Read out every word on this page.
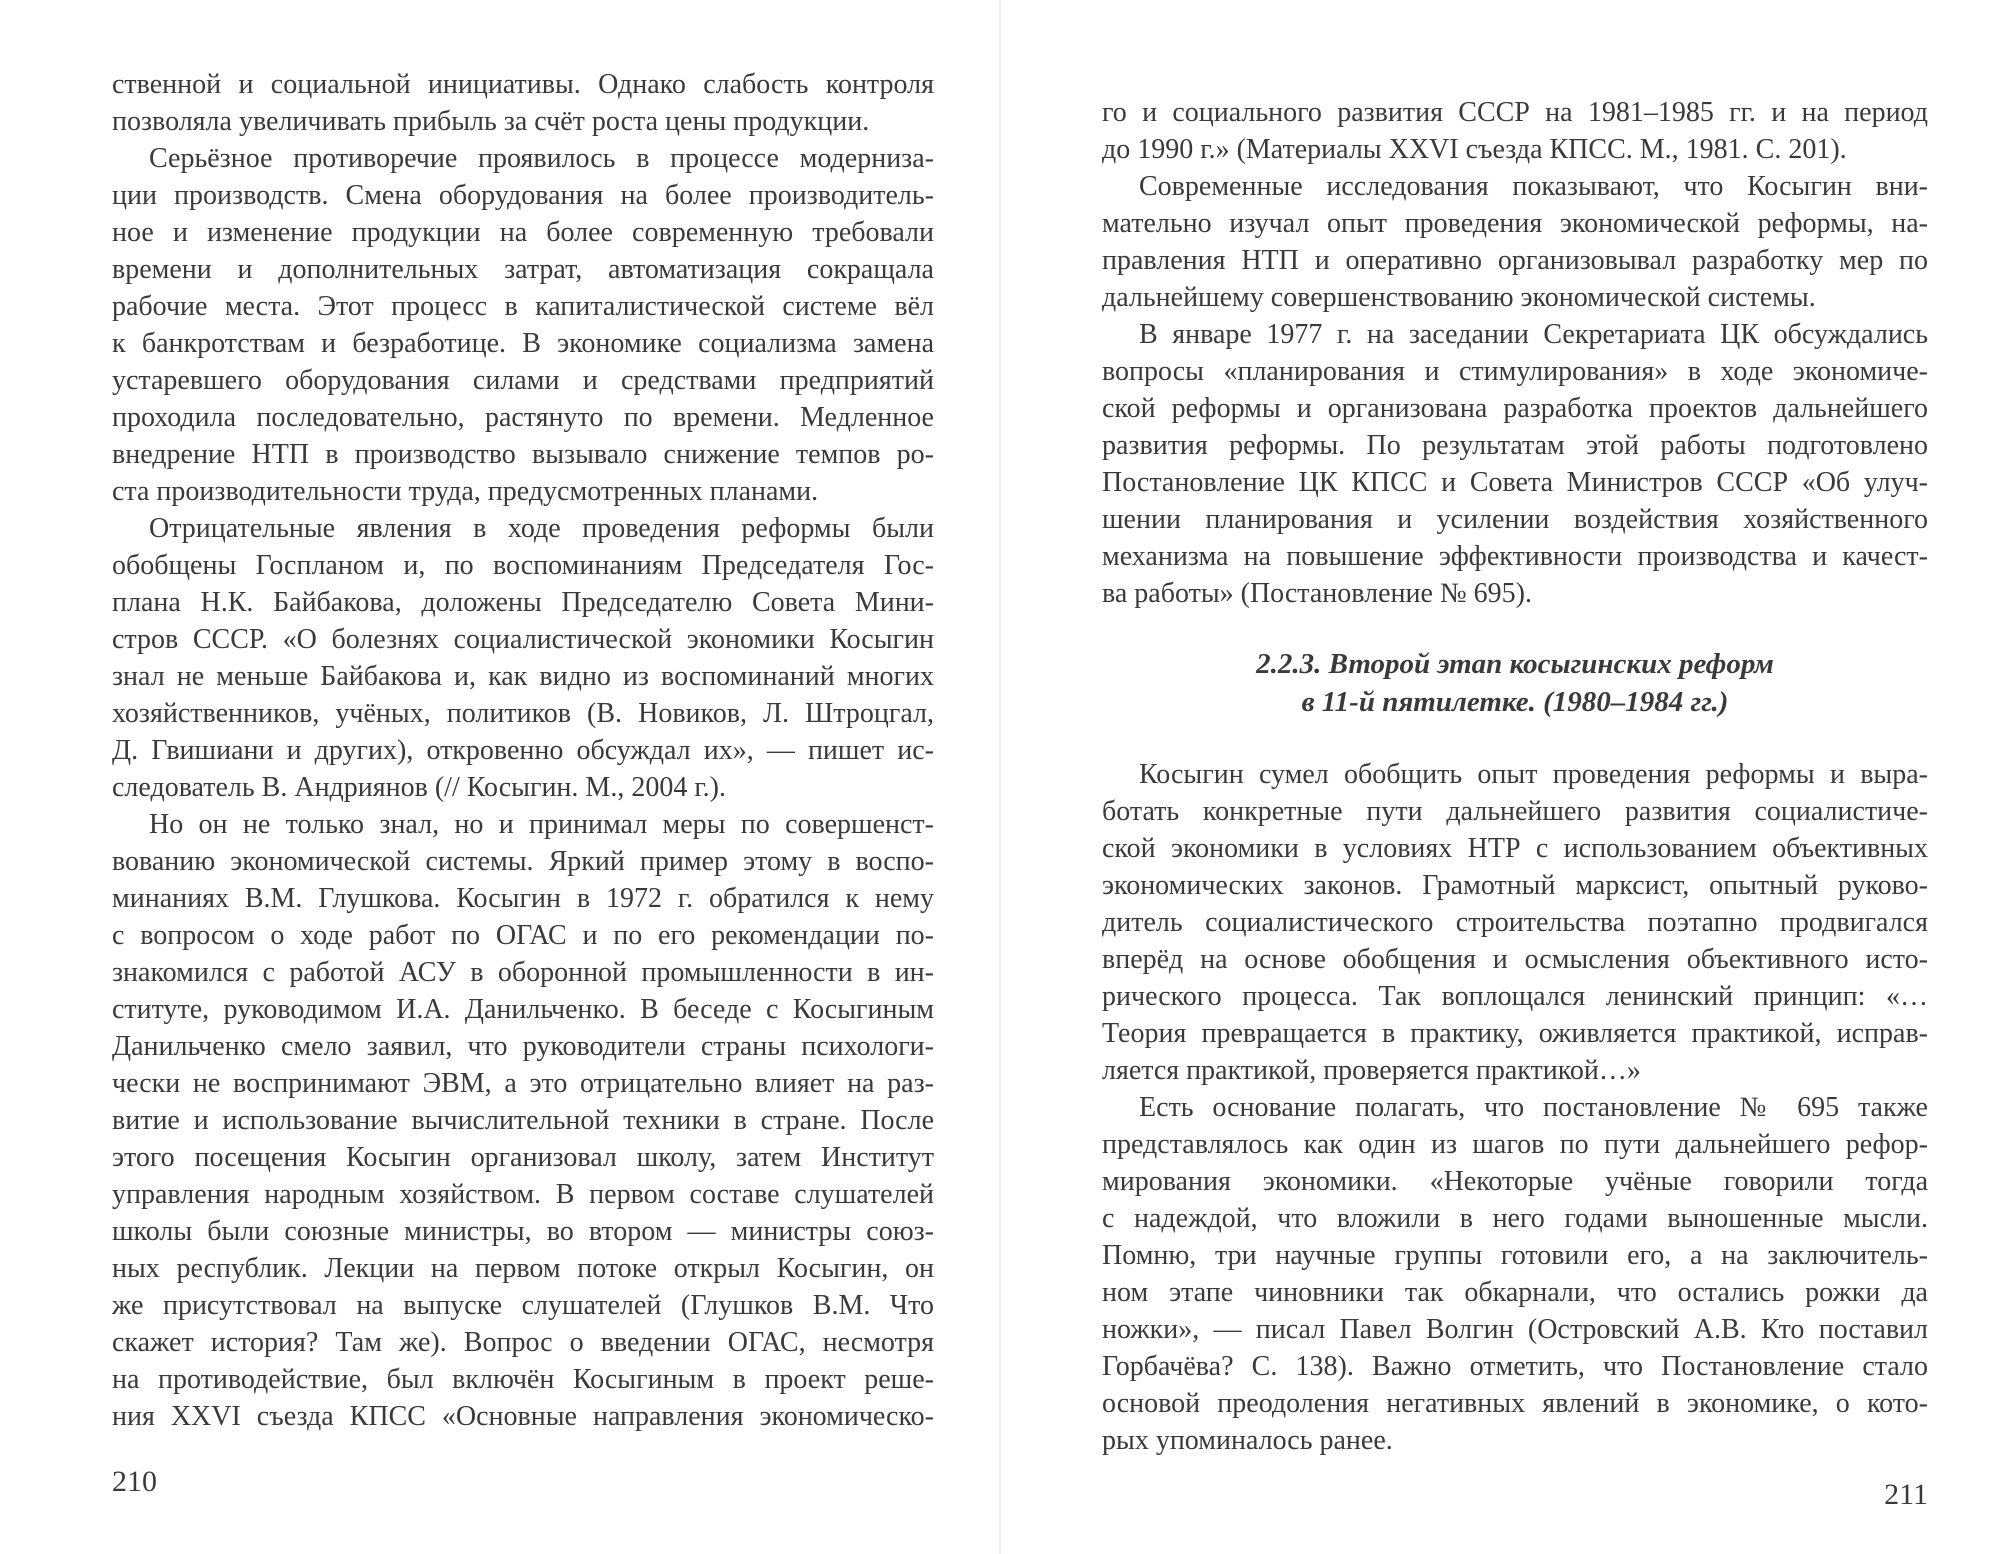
ственной и социальной инициативы. Однако слабость контроля
позволяла увеличивать прибыль за счёт роста цены продукции.
Серьёзное противоречие проявилось в процессе модернизa-
ции производств. Смена оборудования на более производитель-
ное и изменение продукции на более современную требовали
времени и дополнительных затрат, автоматизация сокращала
рабочие места. Этот процесс в капиталистической системе вёл
к банкротствам и безработице. В экономике социализма замена
устаревшего оборудования силами и средствами предприятий
проходила последовательно, растянуто по времени. Медленное
внедрение НТП в производство вызывало снижение темпов ро-
ста производительности труда, предусмотренных планами.
Отрицательные явления в ходе проведения реформы были
обобщены Госпланом и, по воспоминаниям Председателя Гос-
плана Н.К. Байбакова, доложены Председателю Совета Мини-
стров СССР. «О болезнях социалистической экономики Косыгин
знал не меньше Байбакова и, как видно из воспоминаний многих
хозяйственников, учёных, политиков (В. Новиков, Л. Штроцгал,
Д. Гвишиани и других), откровенно обсуждал их», — пишет ис-
следователь В. Андриянов (// Косыгин. М., 2004 г.).
Но он не только знал, но и принимал меры по совершенст-
вованию экономической системы. Яркий пример этому в воспо-
минаниях В.М. Глушкова. Косыгин в 1972 г. обратился к нему
с вопросом о ходе работ по ОГАС и по его рекомендации по-
знакомился с работой АСУ в оборонной промышленности в ин-
ституте, руководимом И.А. Данильченко. В беседе с Косыгиным
Данильченко смело заявил, что руководители страны психологи-
чески не воспринимают ЭВМ, а это отрицательно влияет на раз-
витие и использование вычислительной техники в стране. После
этого посещения Косыгин организовал школу, затем Институт
управления народным хозяйством. В первом составе слушателей
школы были союзные министры, во втором — министры союз-
ных республик. Лекции на первом потоке открыл Косыгин, он
же присутствовал на выпуске слушателей (Глушков В.М. Что
скажет история? Там же). Вопрос о введении ОГАС, несмотря
на противодействие, был включён Косыгиным в проект реше-
ния XXVI съезда КПСС «Основные направления экономическо-
210
го и социального развития СССР на 1981–1985 гг. и на период
до 1990 г.» (Материалы XXVI съезда КПСС. М., 1981. С. 201).
Современные исследования показывают, что Косыгин вни-
мательно изучал опыт проведения экономической реформы, на-
правления НТП и оперативно организовывал разработку мер по
дальнейшему совершенствованию экономической системы.
В январе 1977 г. на заседании Секретариата ЦК обсуждались
вопросы «планирования и стимулирования» в ходе экономиче-
ской реформы и организована разработка проектов дальнейшего
развития реформы. По результатам этой работы подготовлено
Постановление ЦК КПСС и Совета Министров СССР «Об улуч-
шении планирования и усилении воздействия хозяйственного
механизма на повышение эффективности производства и качест-
ва работы» (Постановление № 695).
2.2.3. Второй этап косыгинских реформ
в 11-й пятилетке. (1980–1984 гг.)
Косыгин сумел обобщить опыт проведения реформы и выра-
ботать конкретные пути дальнейшего развития социалистиче-
ской экономики в условиях НТР с использованием объективных
экономических законов. Грамотный марксист, опытный руково-
дитель социалистического строительства поэтапно продвигался
вперёд на основе обобщения и осмысления объективного исто-
рического процесса. Так воплощался ленинский принцип: «…
Теория превращается в практику, оживляется практикой, исправ-
ляется практикой, проверяется практикой…»
Есть основание полагать, что постановление № 695 также
представлялось как один из шагов по пути дальнейшего рефор-
мирования экономики. «Некоторые учёные говорили тогда
с надеждой, что вложили в него годами выношенные мысли.
Помню, три научные группы готовили его, а на заключитель-
ном этапе чиновники так обкарнали, что остались рожки да
ножки», — писал Павел Волгин (Островский А.В. Кто поставил
Горбачёва? С. 138). Важно отметить, что Постановление стало
основой преодоления негативных явлений в экономике, о кото-
рых упоминалось ранее.
211
